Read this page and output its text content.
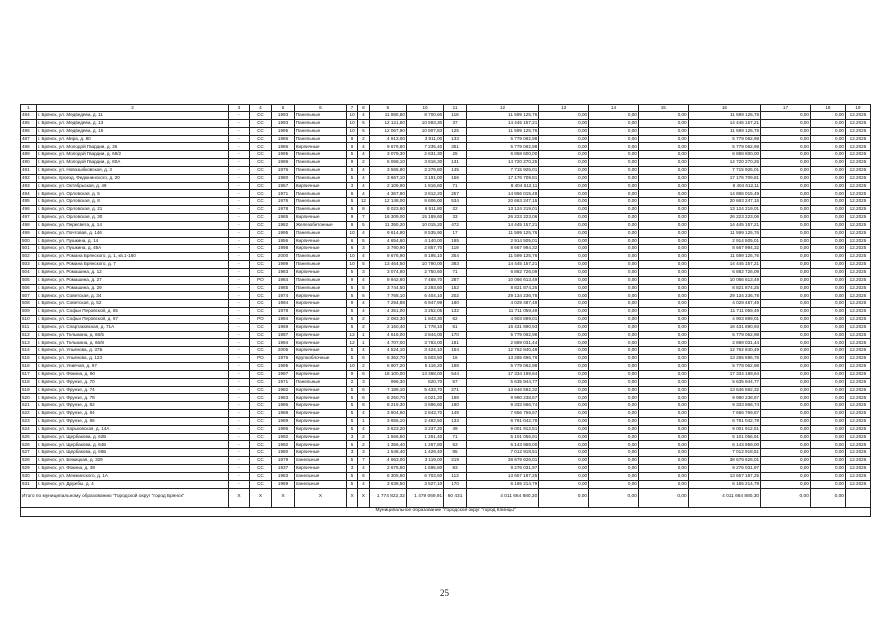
1	2	3	4	5	6	7	8	9	10	11	12	13	14	15	16	17	18	19
484	г. Брянск, ул. Медведева, д. 11	-	СС	1993	Панельные	10	4	11 880,60	8 700,60	118	11 599 125,76	0,00	0,00	0,00	11 599 125,76	0,00	0,00	12.2025
485	г. Брянск, ул. Медведева, д. 13	-	СС	1993	Панельные	10	5	12 121,60	10 593,30	37	14 445 157,21	0,00	0,00	0,00	14 445 157,21	0,00	0,00	12.2025
486	г. Брянск, ул. Медведева, д. 15	-	СС	1995	Панельные	10	5	12 067,90	10 807,83	125	11 599 125,76	0,00	0,00	0,00	11 599 125,76	0,00	0,00	12.2025
487	г. Брянск, ул. Мира, д. 80	-	СС	1986	Панельные	9	2	4 913,00	3 911,00	133	5 779 062,98	0,00	0,00	0,00	5 779 062,98	0,00	0,00	12.2025
488	г. Брянск, ул. Молодой Гвардии, д. 35	-	СС	1986	Кирпичные	9	4	9 679,80	7 235,40	351	5 779 062,98	0,00	0,00	0,00	5 779 062,98	0,00	0,00	12.2025
489	г. Брянск, ул. Молодой Гвардии, д. 68/2	-	СС	1995	Панельные	5	4	3 079,30	2 631,30	25	6 858 600,00	0,00	0,00	0,00	6 858 600,00	0,00	0,00	12.2025
490	г. Брянск, ул. Молодой Гвардии, д. 80А	-	СС	1996	Панельные	9	2	5 068,10	3 816,30	131	14 720 270,25	0,00	0,00	0,00	14 720 270,25	0,00	0,00	12.2025
491	г. Брянск, ул. Новозыбковская, д. 3	-	СС	1976	Панельные	5	4	3 565,80	3 276,80	145	7 715 925,01	0,00	0,00	0,00	7 715 925,01	0,00	0,00	12.2025
492	г. Брянск, проезд. Федюнинского, д. 20	-	СС	1980	Панельные	5	4	3 667,10	3 191,00	156	17 176 709,81	0,00	0,00	0,00	17 176 709,81	0,00	0,00	12.2025
493	г. Брянск, ул. Октябрьская, д. 49	-	СС	1957	Кирпичные	3	4	2 109,90	1 816,60	71	8 404 612,11	0,00	0,00	0,00	8 404 612,11	0,00	0,00	12.2025
494	г. Брянск, ул. Орловская, д. 5	-	СС	1971	Панельные	6	4	4 367,80	3 612,20	257	14 866 015,49	0,00	0,00	0,00	14 866 015,49	0,00	0,00	12.2025
495	г. Брянск, ул. Орловская, д. 8	-	СС	1976	Панельные	5	12	12 148,00	8 606,00	534	20 663 247,15	0,00	0,00	0,00	20 663 247,15	0,00	0,00	12.2025
496	г. Брянск, ул. Орловская, д. 21	-	СС	1978	Панельные	5	8	8 023,60	6 511,80	22	13 124 219,01	0,00	0,00	0,00	13 124 219,01	0,00	0,00	12.2025
497	г. Брянск, ул. Орловская, д. 30	-	СС	1985	Кирпичные	9	7	16 309,00	15 189,60	33	26 223 223,06	0,00	0,00	0,00	26 223 223,06	0,00	0,00	12.2025
498	г. Брянск, ул. Пересвета, д. 14	-	СС	1982	Железобетонные	9	5	11 350,20	10 015,20	472	14 445 157,21	0,00	0,00	0,00	14 445 157,21	0,00	0,00	12.2025
499	г. Брянск, ул. Почтовая, д. 146	-	СС	1995	Панельные	10	4	9 614,80	8 535,90	17	11 599 125,76	0,00	0,00	0,00	11 599 125,76	0,00	0,00	12.2025
500	г. Брянск, ул. Пушкина, д. 14	-	СС	1956	Кирпичные	6	5	4 654,60	4 140,00	165	2 914 505,01	0,00	0,00	0,00	2 914 505,01	0,00	0,00	12.2025
501	г. Брянск, ул. Пушкина, д. 45А	-	СС	1998	Кирпичные	6	3	3 790,90	2 857,70	119	8 667 994,32	0,00	0,00	0,00	8 667 994,32	0,00	0,00	12.2025
502	г. Брянск, ул. Романа Брянского, д. 1, кв.1-180	-	СС	2000	Панельные	10	4	9 676,90	8 195,10	354	11 599 125,76	0,00	0,00	0,00	11 599 125,76	0,00	0,00	12.2025
503	г. Брянск, ул. Романа Брянского, д. 7	-	СС	1999	Панельные	10	5	13 464,50	10 790,00	383	14 445 157,21	0,00	0,00	0,00	14 445 157,21	0,00	0,00	12.2025
504	г. Брянск, ул. Ромашина, д. 12	-	СС	1983	Кирпичные	5	3	3 074,80	2 750,60	71	6 882 726,09	0,00	0,00	0,00	6 882 726,09	0,00	0,00	12.2025
505	г. Брянск, ул. Ромашина, д. 27	-	РО	1984	Панельные	9	4	9 942,60	7 469,70	287	10 066 613,49	0,00	0,00	0,00	10 066 613,49	0,00	0,00	12.2025
506	г. Брянск, ул. Ромашина, д. 29	-	СС	1985	Панельные	5	5	3 744,50	2 293,50	152	8 821 874,25	0,00	0,00	0,00	8 821 874,25	0,00	0,00	12.2025
507	г. Брянск, ул. Советская, д. 34	-	СС	1974	Кирпичные	5	6	7 768,10	6 404,10	202	29 134 236,78	0,00	0,00	0,00	29 134 236,78	0,00	0,00	12.2025
508	г. Брянск, ул. Советская, д. 52	-	СС	1994	Кирпичные	9	4	7 294,88	6 947,99	180	4 029 487,49	0,00	0,00	0,00	4 029 487,49	0,00	0,00	12.2025
509	г. Брянск, ул. Софьи Перовской, д. 65	-	СС	1978	Кирпичные	5	4	4 351,00	3 252,05	132	11 711 059,49	0,00	0,00	0,00	11 711 059,49	0,00	0,00	12.2025
510	г. Брянск, ул. Софьи Перовской, д. 67	-	РО	1994	Кирпичные	5	2	2 083,30	1 843,30	62	4 903 899,01	0,00	0,00	0,00	4 903 899,01	0,00	0,00	12.2025
511	г. Брянск, ул. Спартаковская, д. 71А	-	СС	1969	Кирпичные	5	2	2 150,40	1 778,10	61	16 431 890,93	0,00	0,00	0,00	16 431 890,93	0,00	0,00	12.2025
512	г. Брянск, ул. Тельмана, д. 66/5	-	СС	1997	Кирпичные	12	1	4 616,00	3 844,00	170	5 779 062,98	0,00	0,00	0,00	5 779 062,98	0,00	0,00	12.2025
513	г. Брянск, ул. Тельмана, д. 66/8	-	СС	1994	Кирпичные	12	1	4 707,00	3 783,00	181	2 889 031,44	0,00	0,00	0,00	2 889 031,44	0,00	0,00	12.2025
514	г. Брянск, ул. Ульянова, д. 37Б	-	СС	2005	Кирпичные	5	4	4 524,10	3 424,10	154	12 762 840,49	0,00	0,00	0,00	12 762 840,49	0,00	0,00	12.2025
515	г. Брянск, ул. Ульянова, д. 123	-	РО	1976	Крупноблочные	5	6	6 362,70	5 603,50	16	13 265 696,76	0,00	0,00	0,00	13 265 696,76	0,00	0,00	12.2025
516	г. Брянск, ул. Униечая, д. 97	-	СС	1995	Кирпичные	10	2	6 907,20	5 116,20	198	5 779 062,98	0,00	0,00	0,00	5 779 062,98	0,00	0,00	12.2025
517	г. Брянск, ул. Фокина, д. 90	-	СС	1997	Кирпичные	9	6	18 100,00	13 368,00	544	17 334 189,64	0,00	0,00	0,00	17 334 189,64	0,00	0,00	12.2025
518	г. Брянск, ул. Фрунзе, д. 70	-	СС	1971	Панельные	2	3	999,30	820,70	57	5 635 944,77	0,00	0,00	0,00	5 635 944,77	0,00	0,00	12.2025
519	г. Брянск, ул. Фрунзе, д. 74	-	СС	1982	Кирпичные	5	6	7 189,10	5 433,70	271	13 646 592,32	0,00	0,00	0,00	13 646 592,32	0,00	0,00	12.2025
520	г. Брянск, ул. Фрунзе, д. 78	-	СС	1983	Кирпичные	5	6	6 250,70	4 021,20	198	9 990 238,67	0,00	0,00	0,00	9 990 238,67	0,00	0,00	12.2025
521	г. Брянск, ул. Фрунзе, д. 82	-	СС	1986	Кирпичные	5	8	8 219,30	3 696,60	180	9 333 866,74	0,00	0,00	0,00	9 333 866,74	0,00	0,00	12.2025
522	г. Брянск, ул. Фрунзе, д. 84	-	СС	1988	Кирпичные	5	4	3 804,60	2 843,70	149	7 656 769,67	0,00	0,00	0,00	7 656 769,67	0,00	0,00	12.2025
523	г. Брянск, ул. Фрунзе, д. 86	-	СС	1989	Кирпичные	5	1	3 655,10	2 482,50	133	6 791 042,78	0,00	0,00	0,00	6 791 042,78	0,00	0,00	12.2025
524	г. Брянск, ул. Харьковская, д. 14А	-	СС	1996	Кирпичные	5	4	3 623,20	3 237,20	49	9 001 912,51	0,00	0,00	0,00	9 001 912,51	0,00	0,00	12.2025
525	г. Брянск, ул. Щербакова, д. 62Б	-	СС	1992	Кирпичные	3	2	1 566,50	1 261,40	71	5 101 056,91	0,00	0,00	0,00	5 101 056,91	0,00	0,00	12.2025
526	г. Брянск, ул. Щербакова, д. 64Б	-	СС	1992	Кирпичные	5	2	1 356,40	1 267,80	63	6 143 959,00	0,00	0,00	0,00	6 143 959,00	0,00	0,00	12.2025
527	г. Брянск, ул. Щербакова, д. 66Б	-	СС	1980	Кирпичные	3	3	1 548,40	1 429,40	85	7 012 918,51	0,00	0,00	0,00	7 012 918,51	0,00	0,00	12.2025
528	г. Брянск, ул. Бежицкая, д. 329	-	СС	1979	панельные	5	7	4 663,00	3 119,00	219	38 679 626,01	0,00	0,00	0,00	38 679 626,01	0,00	0,00	12.2025
529	г. Брянск, ул. Фокина, д. 38	-	СС	1937	Кирпичные	3	4	2 675,60	1 695,60	93	9 276 031,97	0,00	0,00	0,00	9 276 031,97	0,00	0,00	12.2025
530	г. Брянск, ул. Менжинского, д. 1А	-	СС	1983	панельные	5	6	6 305,60	6 703,60	113	13 657 187,25	0,00	0,00	0,00	13 657 187,25	0,00	0,00	12.2025
531	г. Брянск, ул. Дружбы, д. 4	-	СС	1969	панельные	5	4	3 638,50	3 527,10	170	6 165 214,79	0,00	0,00	0,00	6 165 214,79	0,00	0,00	12.2025
Итого по муниципальному образованию "Городской округ "город Брянск"		Х	Х	Х	Х	Х	Х	1 774 822,32	1 479 069,91	60 431	4 011 664 880,30	0,00	0,00	0,00	4 011 664 880,30	0,00	0,00	
Муниципальное образование "Городской округ "город Клинцы"																		
25
